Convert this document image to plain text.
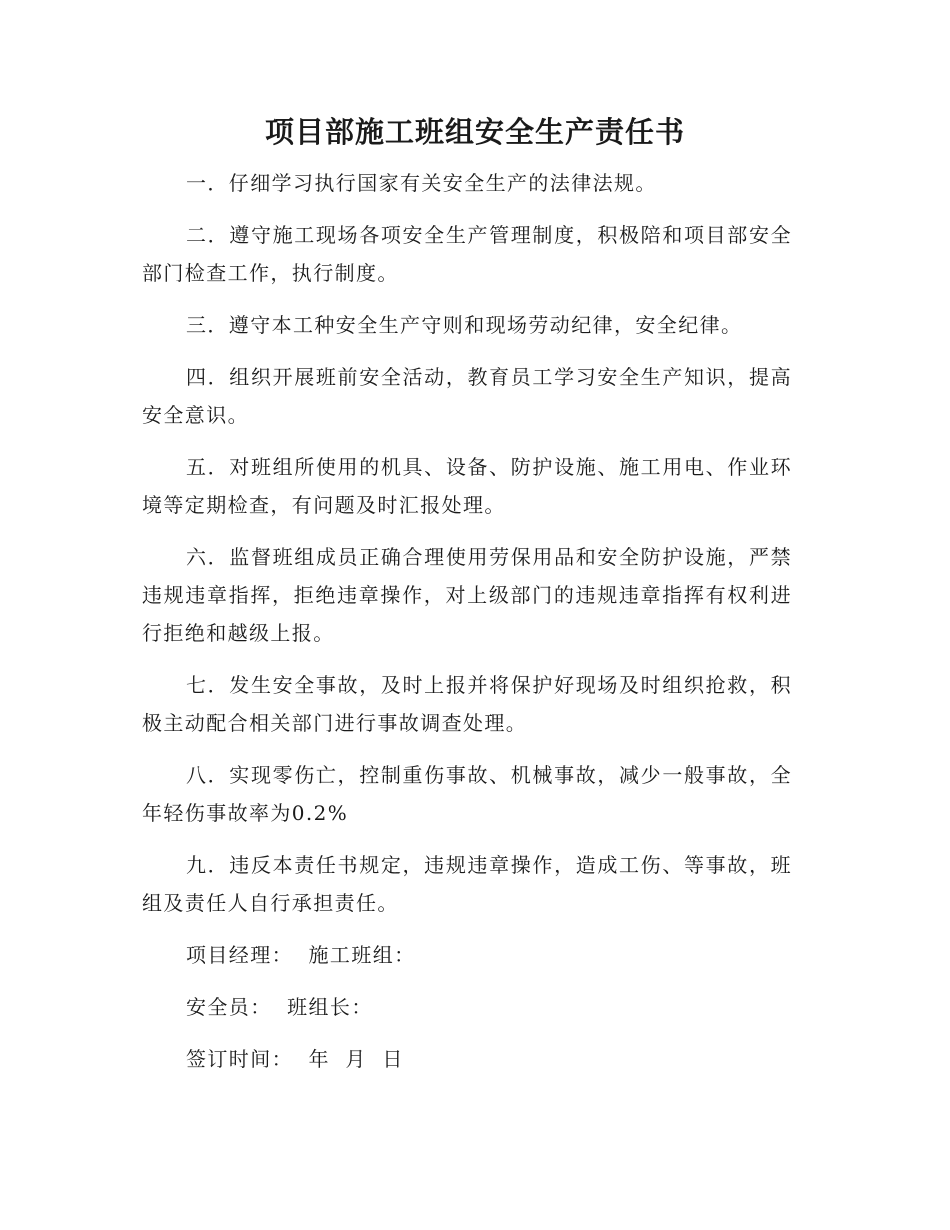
项目部施工班组安全生产责任书

一．仔细学习执行国家有关安全生产的法律法规。

二．遵守施工现场各项安全生产管理制度，积极陪和项目部安全部门检查工作，执行制度。

三．遵守本工种安全生产守则和现场劳动纪律，安全纪律。

四．组织开展班前安全活动，教育员工学习安全生产知识，提高安全意识。

五．对班组所使用的机具、设备、防护设施、施工用电、作业环境等定期检查，有问题及时汇报处理。

六．监督班组成员正确合理使用劳保用品和安全防护设施，严禁违规违章指挥，拒绝违章操作，对上级部门的违规违章指挥有权利进行拒绝和越级上报。

七．发生安全事故，及时上报并将保护好现场及时组织抢救，积极主动配合相关部门进行事故调查处理。

八．实现零伤亡，控制重伤事故、机械事故，减少一般事故，全年轻伤事故率为0.2%

九．违反本责任书规定，违规违章操作，造成工伤、等事故，班组及责任人自行承担责任。

项目经理：  施工班组：

安全员：  班组长：

签订时间：  年  月  日
